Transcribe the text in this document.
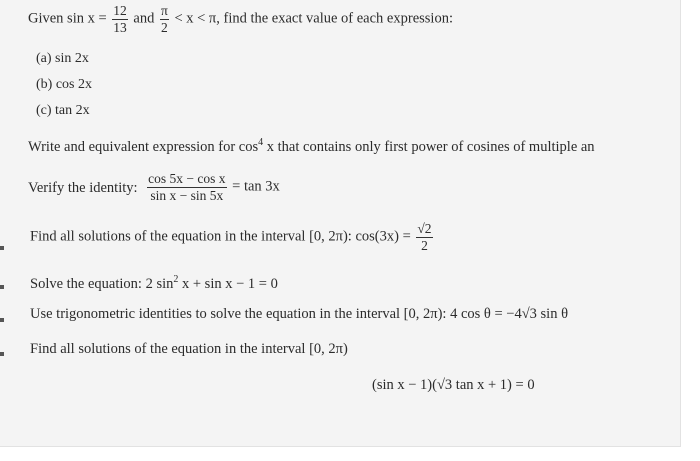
Given $\sin x = \frac{12}{13}$ and $\frac{\pi}{2} < x < \pi$, find the exact value of each expression:
(a) sin 2x
(b) cos 2x
(c) tan 2x
Write and equivalent expression for $\cos^4 x$ that contains only first power of cosines of multiple an
Verify the identity: $\frac{\text{cos 5x − cos x}}{\text{sin x − sin 5x}} = \tan 3x$
Find all solutions of the equation in the interval [0, 2π): $\cos(3x) = \frac{√2}{2}$
Solve the equation: 2 $\sin^2 x + \sin x - 1 = 0$
Use trigonometric identities to solve the equation in the interval [0, 2π): 4 cos θ = −4√3 sin θ
Find all solutions of the equation in the interval [0, 2π)
(sin x − 1)(√3 tan x + 1) = 0
